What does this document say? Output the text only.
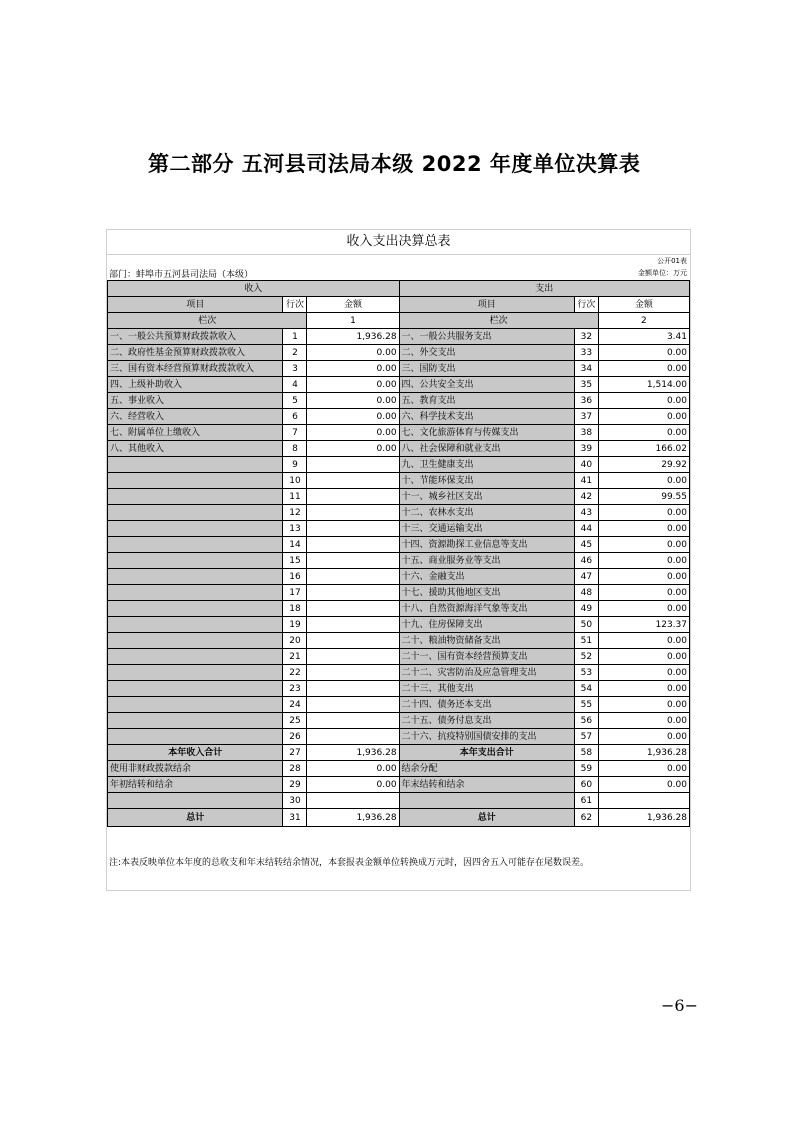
第二部分 五河县司法局本级 2022 年度单位决算表
收入支出决算总表
公开01表
金额单位：万元
部门：蚌埠市五河县司法局（本级）
收入			支出		
项目	行次	金额	项目	行次	金额
栏次		1	栏次		2
一、一般公共预算财政拨款收入	1	1,936.28	一、一般公共服务支出	32	3.41
二、政府性基金预算财政拨款收入	2	0.00	二、外交支出	33	0.00
三、国有资本经营预算财政拨款收入	3	0.00	三、国防支出	34	0.00
四、上级补助收入	4	0.00	四、公共安全支出	35	1,514.00
五、事业收入	5	0.00	五、教育支出	36	0.00
六、经营收入	6	0.00	六、科学技术支出	37	0.00
七、附属单位上缴收入	7	0.00	七、文化旅游体育与传媒支出	38	0.00
八、其他收入	8	0.00	八、社会保障和就业支出	39	166.02
	9		九、卫生健康支出	40	29.92
	10		十、节能环保支出	41	0.00
	11		十一、城乡社区支出	42	99.55
	12		十二、农林水支出	43	0.00
	13		十三、交通运输支出	44	0.00
	14		十四、资源勘探工业信息等支出	45	0.00
	15		十五、商业服务业等支出	46	0.00
	16		十六、金融支出	47	0.00
	17		十七、援助其他地区支出	48	0.00
	18		十八、自然资源海洋气象等支出	49	0.00
	19		十九、住房保障支出	50	123.37
	20		二十、粮油物资储备支出	51	0.00
	21		二十一、国有资本经营预算支出	52	0.00
	22		二十二、灾害防治及应急管理支出	53	0.00
	23		二十三、其他支出	54	0.00
	24		二十四、债务还本支出	55	0.00
	25		二十五、债务付息支出	56	0.00
	26		二十六、抗疫特别国债安排的支出	57	0.00
本年收入合计	27	1,936.28	本年支出合计	58	1,936.28
使用非财政拨款结余	28	0.00	结余分配	59	0.00
年初结转和结余	29	0.00	年末结转和结余	60	0.00
	30			61	
总计	31	1,936.28	总计	62	1,936.28
注:本表反映单位本年度的总收支和年末结转结余情况，本套报表金额单位转换成万元时，因四舍五入可能存在尾数误差。
−6−
